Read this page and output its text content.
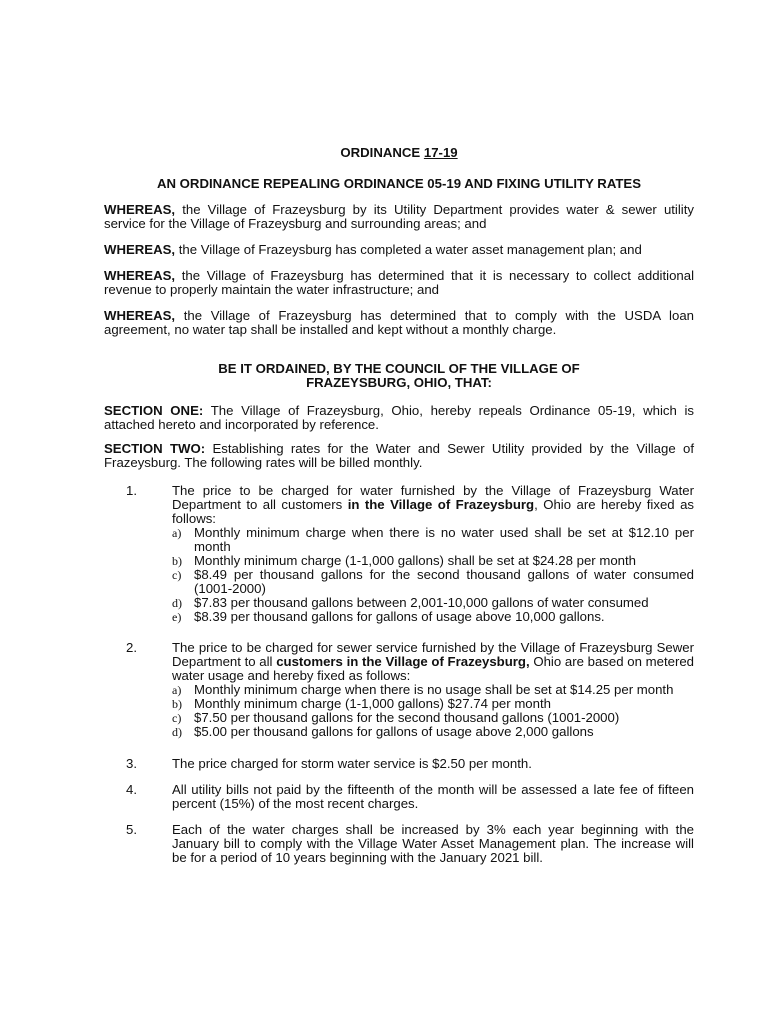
ORDINANCE 17-19

AN ORDINANCE REPEALING ORDINANCE 05-19 AND FIXING UTILITY RATES

WHEREAS, the Village of Frazeysburg by its Utility Department provides water & sewer utility service for the Village of Frazeysburg and surrounding areas; and

WHEREAS, the Village of Frazeysburg has completed a water asset management plan; and

WHEREAS, the Village of Frazeysburg has determined that it is necessary to collect additional revenue to properly maintain the water infrastructure; and

WHEREAS, the Village of Frazeysburg has determined that to comply with the USDA loan agreement, no water tap shall be installed and kept without a monthly charge.

BE IT ORDAINED, BY THE COUNCIL OF THE VILLAGE OF

FRAZEYSBURG, OHIO, THAT:

SECTION ONE: The Village of Frazeysburg, Ohio, hereby repeals Ordinance 05-19, which is attached hereto and incorporated by reference.

SECTION TWO: Establishing rates for the Water and Sewer Utility provided by the Village of Frazeysburg. The following rates will be billed monthly.

1.	The price to be charged for water furnished by the Village of Frazeysburg Water Department to all customers in the Village of Frazeysburg, Ohio are hereby fixed as follows:

a) Monthly minimum charge when there is no water used shall be set at $12.10 per month
b) Monthly minimum charge (1-1,000 gallons) shall be set at $24.28 per month
c) $8.49 per thousand gallons for the second thousand gallons of water consumed (1001-2000)
d) $7.83 per thousand gallons between 2,001-10,000 gallons of water consumed
e) $8.39 per thousand gallons for gallons of usage above 10,000 gallons.
2.	The price to be charged for sewer service furnished by the Village of Frazeysburg Sewer Department to all customers in the Village of Frazeysburg, Ohio are based on metered water usage and hereby fixed as follows:

a) Monthly minimum charge when there is no usage shall be set at $14.25 per month
b) Monthly minimum charge (1-1,000 gallons) $27.74 per month
c) $7.50 per thousand gallons for the second thousand gallons (1001-2000)
d) $5.00 per thousand gallons for gallons of usage above 2,000 gallons
3.	The price charged for storm water service is $2.50 per month.

4.	All utility bills not paid by the fifteenth of the month will be assessed a late fee of fifteen percent (15%) of the most recent charges.

5.	Each of the water charges shall be increased by 3% each year beginning with the January bill to comply with the Village Water Asset Management plan. The increase will be for a period of 10 years beginning with the January 2021 bill.
